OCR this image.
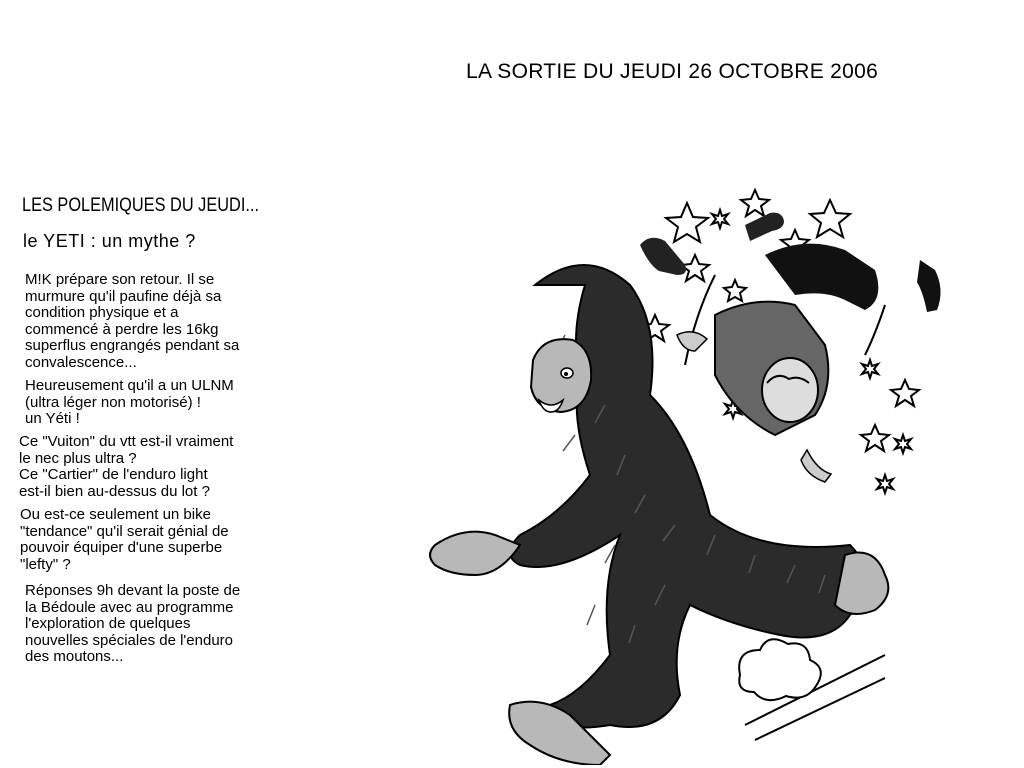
LA SORTIE DU JEUDI 26 OCTOBRE 2006
LES POLEMIQUES DU JEUDI...
le YETI : un mythe ?
M!K prépare son retour. Il se
murmure qu'il paufine déjà sa
condition physique et a
commencé à perdre les 16kg
superflus engrangés pendant sa
convalescence...
Heureusement qu'il a un ULNM
(ultra léger non motorisé) !
un Yéti !
Ce "Vuiton" du vtt est-il vraiment
le nec plus ultra ?
Ce "Cartier" de l'enduro light
est-il bien au-dessus du lot ?
Ou est-ce seulement un bike
"tendance" qu'il serait génial de
pouvoir équiper d'une superbe
"lefty" ?
Réponses 9h devant la poste de
la Bédoule avec au programme
l'exploration de quelques
nouvelles spéciales de l'enduro
des moutons...
